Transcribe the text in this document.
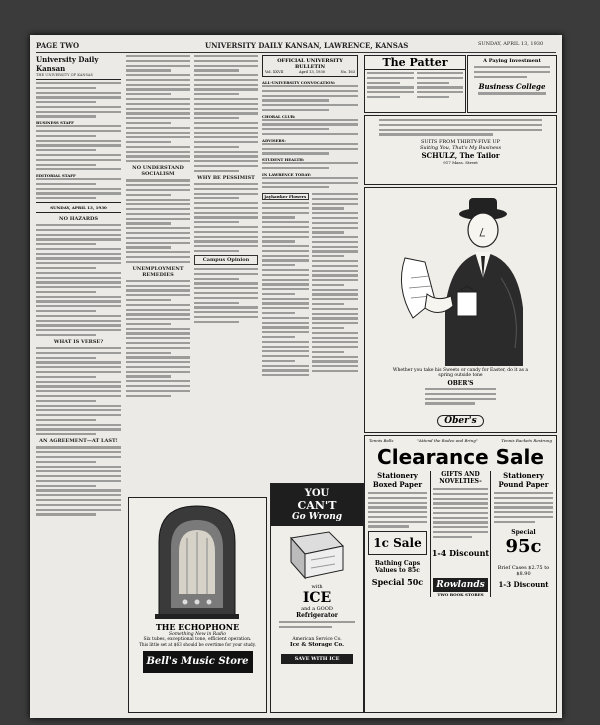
PAGE TWO	UNIVERSITY DAILY KANSAN, LAWRENCE, KANSAS	SUNDAY, APRIL 13, 1930
University Daily Kansan
THE UNIVERSITY OF KANSAS
BUSINESS STAFF
EDITORIAL STAFF
SUNDAY, APRIL 13, 1930
NO HAZARDS
WHAT IS VERSE?
AN AGREEMENT—AT LAST!
NO UNDERSTAND SOCIALISM
UNEMPLOYMENT REMEDIES
WHY BE PESSIMIST
Campus Opinion
OFFICIAL UNIVERSITY BULLETIN
Vol. XXVII	April 13, 1930	No. 163
ALL-UNIVERSITY CONVOCATION:
CHORAL CLUB:
ADVISERS:
STUDENT HEALTH:
IN LAWRENCE TODAY:
Jayhawker Flowers
The Patter	A Paying Investment
Business College
SUITS FROM THIRTY-FIVE UP
Suiting You, That's My Business
SCHULZ, The Tailor
917 Mass. Street
Whether you take his Sweets or candy for Easter, do it as a spring outside tone
OBER'S
Ober's
THE ECHOPHONE
Something New in Radio
Six tubes, exceptional tone, efficient operation.
This little set at $63 should be overtime for your study.
Bell's Music Store
YOU
CAN'T
Go Wrong
with
ICE
and a GOOD
Refrigerator
American Service Co.
Ice & Storage Co.
SAVE WITH ICE
Tennis Balls	"Attend the Rodeo and Bring"	Tennis Rackets Restrung
Clearance Sale
Stationery Boxed Paper
1c Sale
Bathing Caps Values to 85c
Special 50c
GIFTS AND NOVELTIES-
1-4 Discount
Rowlands
TWO BOOK STORES
Stationery Pound Paper
Special
95c
Brief Cases $2.75 to $8.90
1-3 Discount
